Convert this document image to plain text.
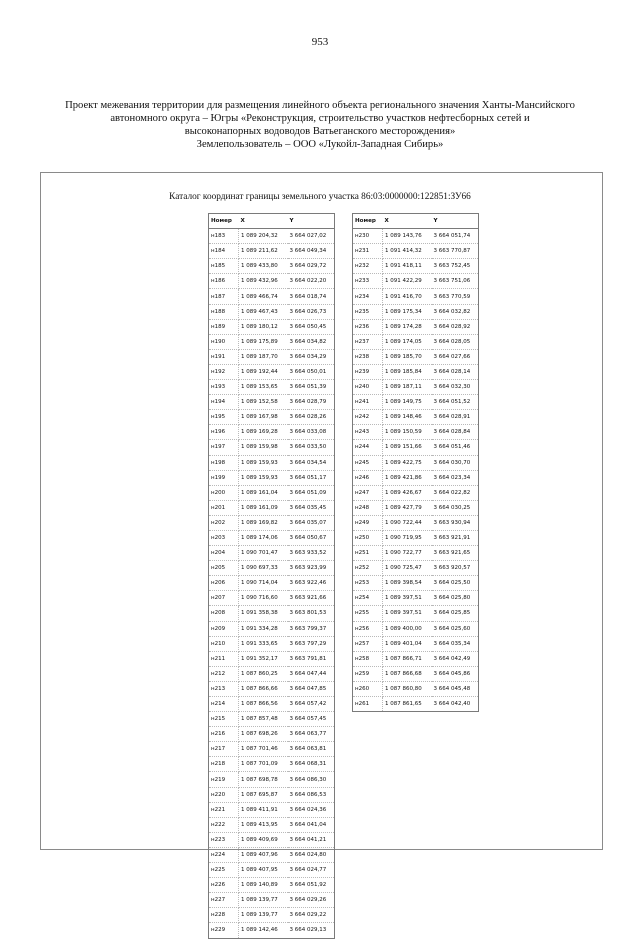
953
Проект межевания территории для размещения линейного объекта регионального значения Ханты-Мансийского
автономного округа – Югры «Реконструкция, строительство участков нефтесборных сетей и
высоконапорных водоводов Ватьеганского месторождения»
Землепользователь – ООО «Лукойл-Западная Сибирь»
Каталог координат границы земельного участка 86:03:0000000:122851:ЗУ66
Номер	X	Y
н183	1 089 204,32	3 664 027,02
н184	1 089 211,62	3 664 049,34
н185	1 089 433,80	3 664 029,72
н186	1 089 432,96	3 664 022,20
н187	1 089 466,74	3 664 018,74
н188	1 089 467,43	3 664 026,73
н189	1 089 180,12	3 664 050,45
н190	1 089 175,89	3 664 034,82
н191	1 089 187,70	3 664 034,29
н192	1 089 192,44	3 664 050,01
н193	1 089 153,65	3 664 051,39
н194	1 089 152,58	3 664 028,79
н195	1 089 167,98	3 664 028,26
н196	1 089 169,28	3 664 033,08
н197	1 089 159,98	3 664 033,50
н198	1 089 159,93	3 664 034,54
н199	1 089 159,93	3 664 051,17
н200	1 089 161,04	3 664 051,09
н201	1 089 161,09	3 664 035,45
н202	1 089 169,82	3 664 035,07
н203	1 089 174,06	3 664 050,67
н204	1 090 701,47	3 663 933,52
н205	1 090 697,33	3 663 923,99
н206	1 090 714,04	3 663 922,46
н207	1 090 716,60	3 663 921,66
н208	1 091 358,38	3 663 801,53
н209	1 091 334,28	3 663 799,37
н210	1 091 333,65	3 663 797,29
н211	1 091 352,17	3 663 791,81
н212	1 087 860,25	3 664 047,44
н213	1 087 866,66	3 664 047,85
н214	1 087 866,56	3 664 057,42
н215	1 087 857,48	3 664 057,45
н216	1 087 698,26	3 664 063,77
н217	1 087 701,46	3 664 063,81
н218	1 087 701,09	3 664 068,31
н219	1 087 698,78	3 664 086,30
н220	1 087 695,87	3 664 086,53
н221	1 089 411,91	3 664 024,36
н222	1 089 413,95	3 664 041,04
н223	1 089 409,69	3 664 041,21
н224	1 089 407,96	3 664 024,80
н225	1 089 407,95	3 664 024,77
н226	1 089 140,89	3 664 051,92
н227	1 089 139,77	3 664 029,26
н228	1 089 139,77	3 664 029,22
н229	1 089 142,46	3 664 029,13
Номер	X	Y
н230	1 089 143,76	3 664 051,74
н231	1 091 414,32	3 663 770,87
н232	1 091 418,11	3 663 752,45
н233	1 091 422,29	3 663 751,06
н234	1 091 416,70	3 663 770,59
н235	1 089 175,34	3 664 032,82
н236	1 089 174,28	3 664 028,92
н237	1 089 174,05	3 664 028,05
н238	1 089 185,70	3 664 027,66
н239	1 089 185,84	3 664 028,14
н240	1 089 187,11	3 664 032,30
н241	1 089 149,75	3 664 051,52
н242	1 089 148,46	3 664 028,91
н243	1 089 150,59	3 664 028,84
н244	1 089 151,66	3 664 051,46
н245	1 089 422,75	3 664 030,70
н246	1 089 421,86	3 664 023,34
н247	1 089 426,67	3 664 022,82
н248	1 089 427,79	3 664 030,25
н249	1 090 722,44	3 663 930,94
н250	1 090 719,95	3 663 921,91
н251	1 090 722,77	3 663 921,65
н252	1 090 725,47	3 663 920,57
н253	1 089 398,54	3 664 025,50
н254	1 089 397,51	3 664 025,80
н255	1 089 397,51	3 664 025,85
н256	1 089 400,00	3 664 025,60
н257	1 089 401,04	3 664 035,34
н258	1 087 866,71	3 664 042,49
н259	1 087 866,68	3 664 045,86
н260	1 087 860,80	3 664 045,48
н261	1 087 861,65	3 664 042,40
